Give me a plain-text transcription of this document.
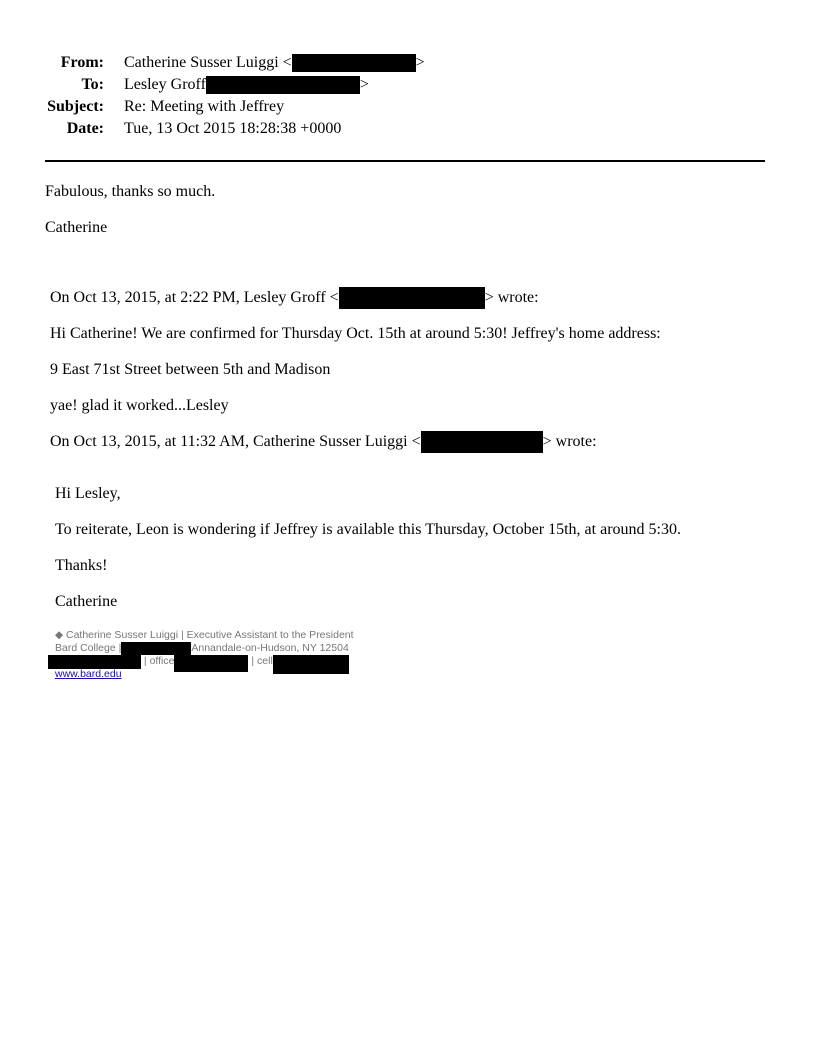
From: Catherine Susser Luiggi <	>
To: Lesley Groff	>
Subject: Re: Meeting with Jeffrey
Date: Tue, 13 Oct 2015 18:28:38 +0000
Fabulous, thanks so much.
Catherine
On Oct 13, 2015, at 2:22 PM, Lesley Groff <	> wrote:
Hi Catherine! We are confirmed for Thursday Oct. 15th at around 5:30! Jeffrey's home address:
9 East 71st Street between 5th and Madison
yae! glad it worked...Lesley
On Oct 13, 2015, at 11:32 AM, Catherine Susser Luiggi <	> wrote:
Hi Lesley,
To reiterate, Leon is wondering if Jeffrey is available this Thursday, October 15th, at around 5:30.
Thanks!
Catherine
◆ Catherine Susser Luiggi | Executive Assistant to the President
Bard College |	Annandale-on-Hudson, NY 12504
| office	| cell
www.bard.edu
